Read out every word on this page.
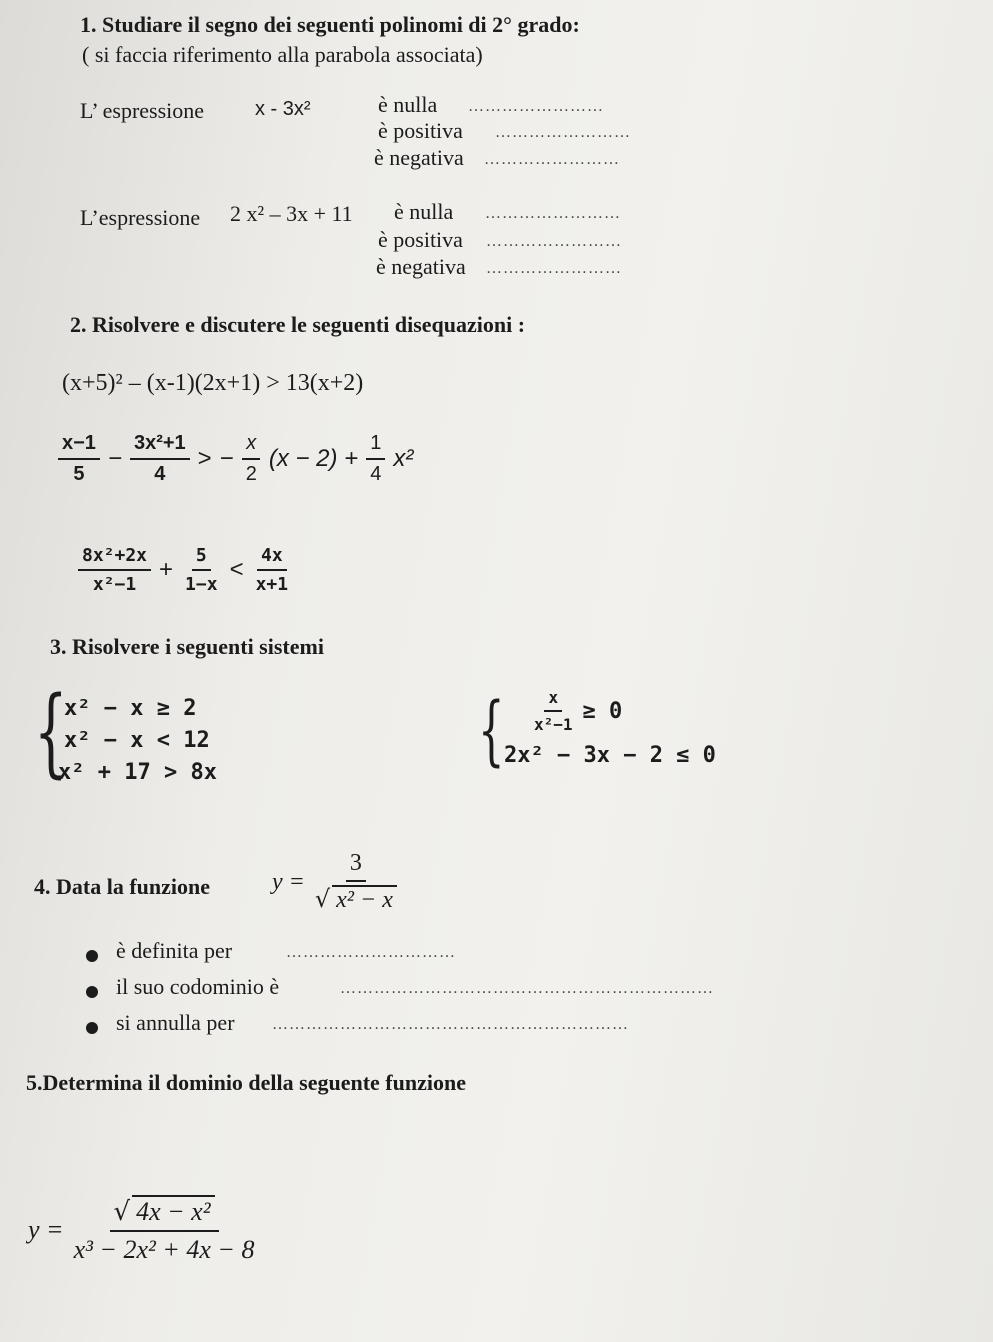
1. Studiare il segno dei seguenti polinomi di 2° grado:
( si faccia riferimento alla parabola associata)
L’ espressione	x - 3x²	è nulla ……………………
è positiva ……………………
è negativa ……………………
L’espressione 2 x² – 3x + 11 è nulla ……………………
è positiva ……………………
è negativa ……………………
2. Risolvere e discutere le seguenti disequazioni :
(x+5)² – (x-1)(2x+1) > 13(x+2)
$\frac{x-1}{5} - \frac{\text{3x²+1}}{4}$ > − $\frac{x}{2} (x - 2) + \frac{1}{4} x^2$
$\frac{\text{8x²+2x}}{\text{x²−1}} + \frac{5}{1-x} < \frac{4x}{x+1}$
3. Risolvere i seguenti sistemi
{
x² − x ≥ 2
x² − x < 12
x² + 17 > 8x	{ $\frac{x}{\text{x²−1}} \ge 0$
2x² − 3x − 2 ≤ 0
4. Data la funzione	$y = \frac{3}{\text{√ x² − x}}$
è definita per	…………………………
il suo codominio è	…………………………………………………………
si annulla per ………………………………………………………
5.Determina il dominio della seguente funzione
$y = \frac{\text{√ 4x − x²}}{\text{x³ − 2x² + 4x − 8}}$
